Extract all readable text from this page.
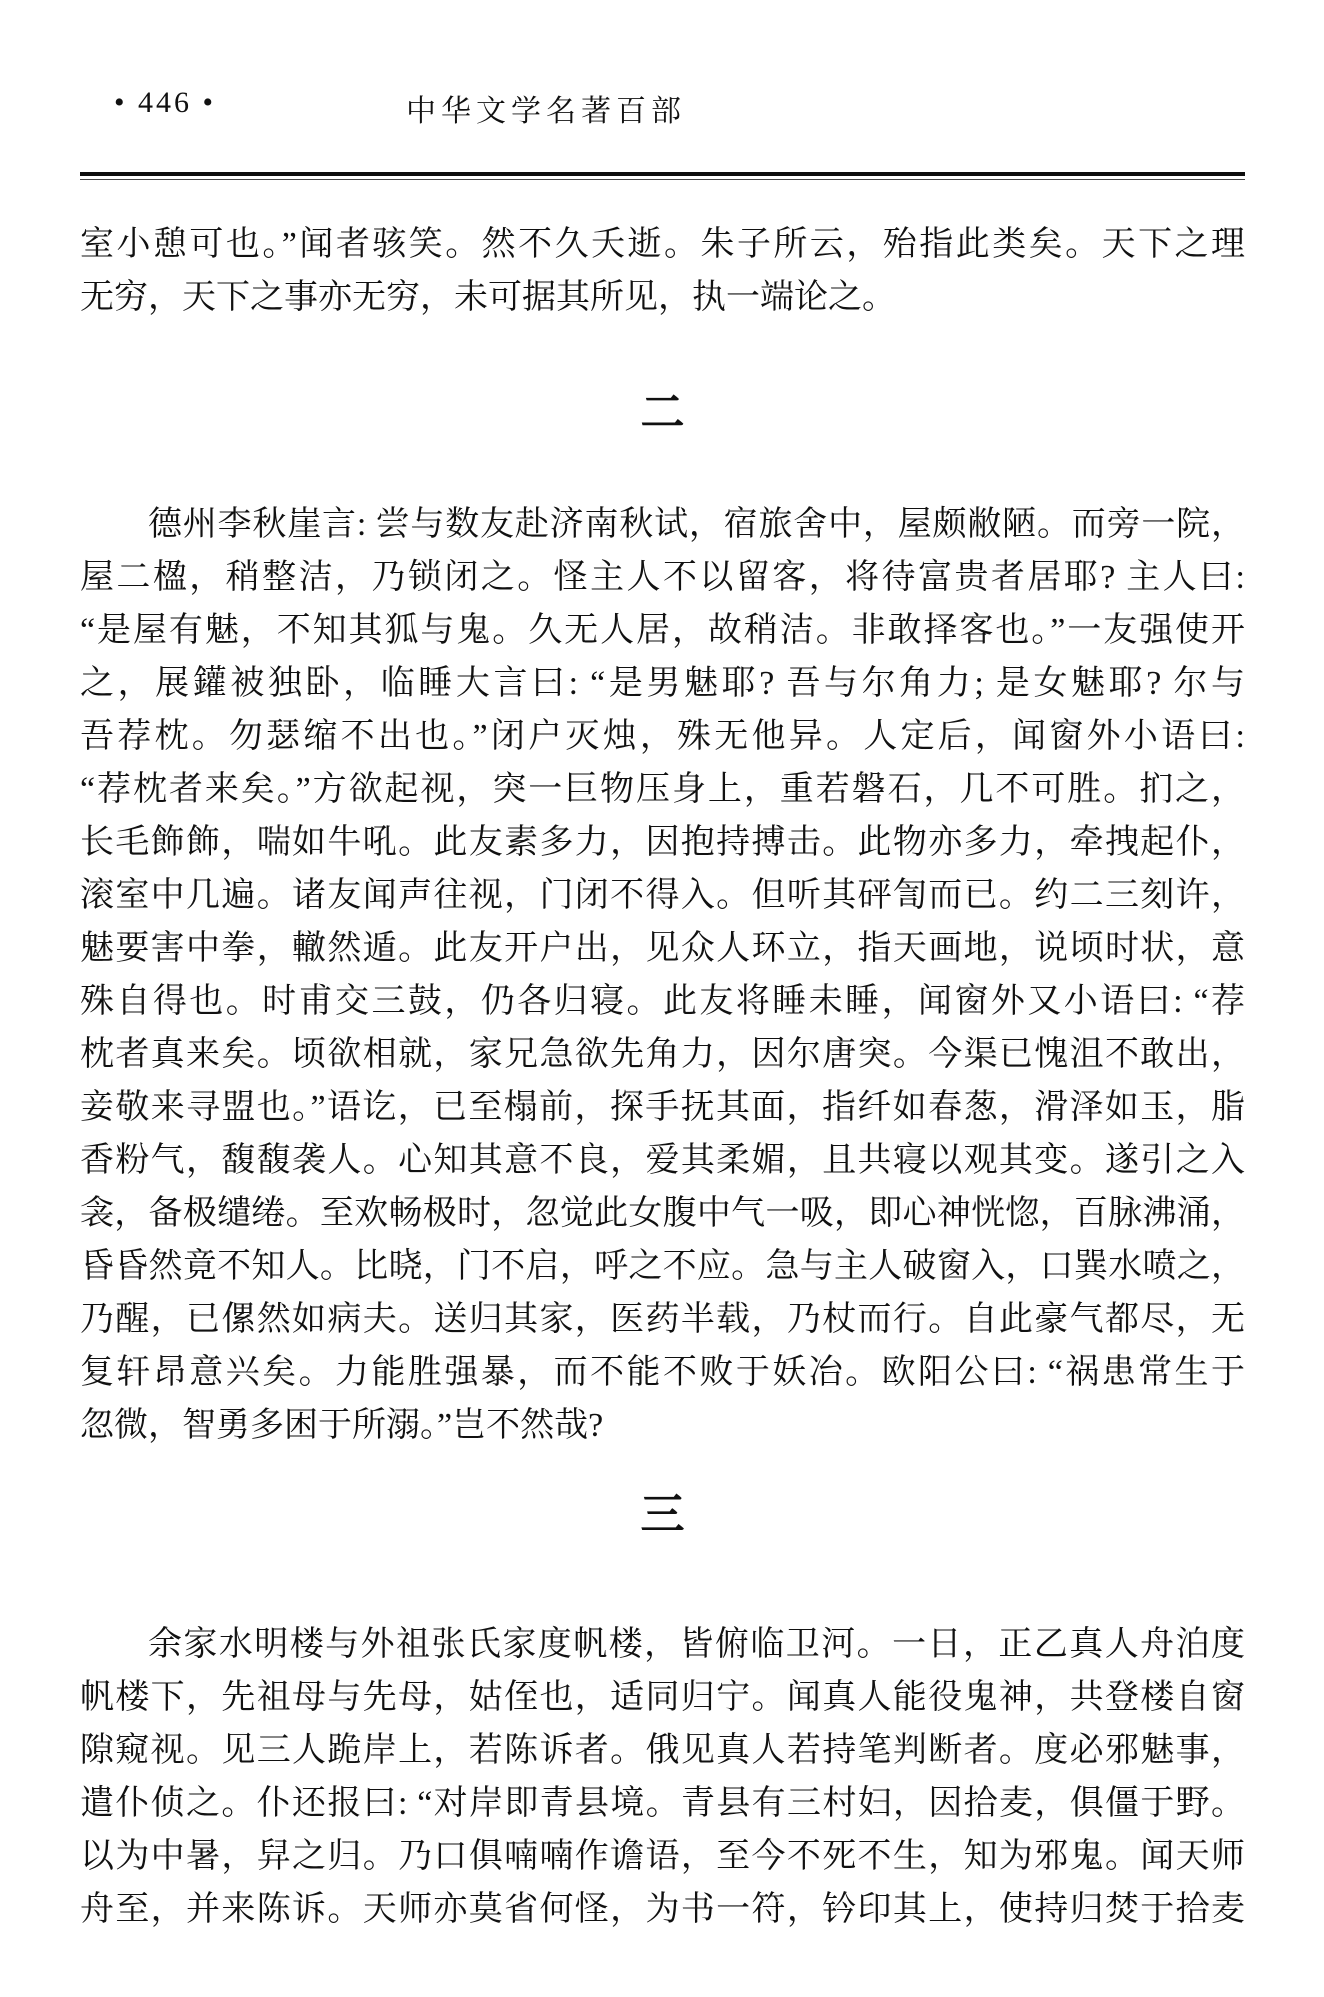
• 446 •	中华文学名著百部
室小憩可也。”闻者骇笑。然不久夭逝。朱子所云，殆指此类矣。天下之理
无穷，天下之事亦无穷，未可据其所见，执一端论之。
二
德州李秋崖言: 尝与数友赴济南秋试，宿旅舍中，屋颇敝陋。而旁一院，
屋二楹，稍整洁，乃锁闭之。怪主人不以留客，将待富贵者居耶? 主人曰:
“是屋有魅，不知其狐与鬼。久无人居，故稍洁。非敢择客也。”一友强使开
之，展鑵被独卧，临睡大言曰: “是男魅耶? 吾与尔角力; 是女魅耶? 尔与
吾荐枕。勿瑟缩不出也。”闭户灭烛，殊无他异。人定后，闻窗外小语曰:
“荐枕者来矣。”方欲起视，突一巨物压身上，重若磐石，几不可胜。扪之，
长毛飾飾，喘如牛吼。此友素多力，因抱持搏击。此物亦多力，牵拽起仆，
滚室中几遍。诸友闻声往视，门闭不得入。但听其砰訇而已。约二三刻许，
魅要害中拳，轍然遁。此友开户出，见众人环立，指天画地，说顷时状，意
殊自得也。时甫交三鼓，仍各归寝。此友将睡未睡，闻窗外又小语曰: “荐
枕者真来矣。顷欲相就，家兄急欲先角力，因尔唐突。今渠已愧沮不敢出，
妾敬来寻盟也。”语讫，已至榻前，探手抚其面，指纤如春葱，滑泽如玉，脂
香粉气，馥馥袭人。心知其意不良，爱其柔媚，且共寝以观其变。遂引之入
衾，备极缱绻。至欢畅极时，忽觉此女腹中气一吸，即心神恍惚，百脉沸涌，
昏昏然竟不知人。比晓，门不启，呼之不应。急与主人破窗入，口巽水喷之，
乃醒，已傫然如病夫。送归其家，医药半载，乃杖而行。自此豪气都尽，无
复轩昂意兴矣。力能胜强暴，而不能不败于妖冶。欧阳公曰: “祸患常生于
忽微，智勇多困于所溺。”岂不然哉?
三
余家水明楼与外祖张氏家度帆楼，皆俯临卫河。一日，正乙真人舟泊度
帆楼下，先祖母与先母，姑侄也，适同归宁。闻真人能役鬼神，共登楼自窗
隙窥视。见三人跪岸上，若陈诉者。俄见真人若持笔判断者。度必邪魅事，
遣仆侦之。仆还报曰: “对岸即青县境。青县有三村妇，因拾麦，俱僵于野。
以为中暑，舁之归。乃口俱喃喃作谵语，至今不死不生，知为邪鬼。闻天师
舟至，并来陈诉。天师亦莫省何怪，为书一符，钤印其上，使持归焚于拾麦
